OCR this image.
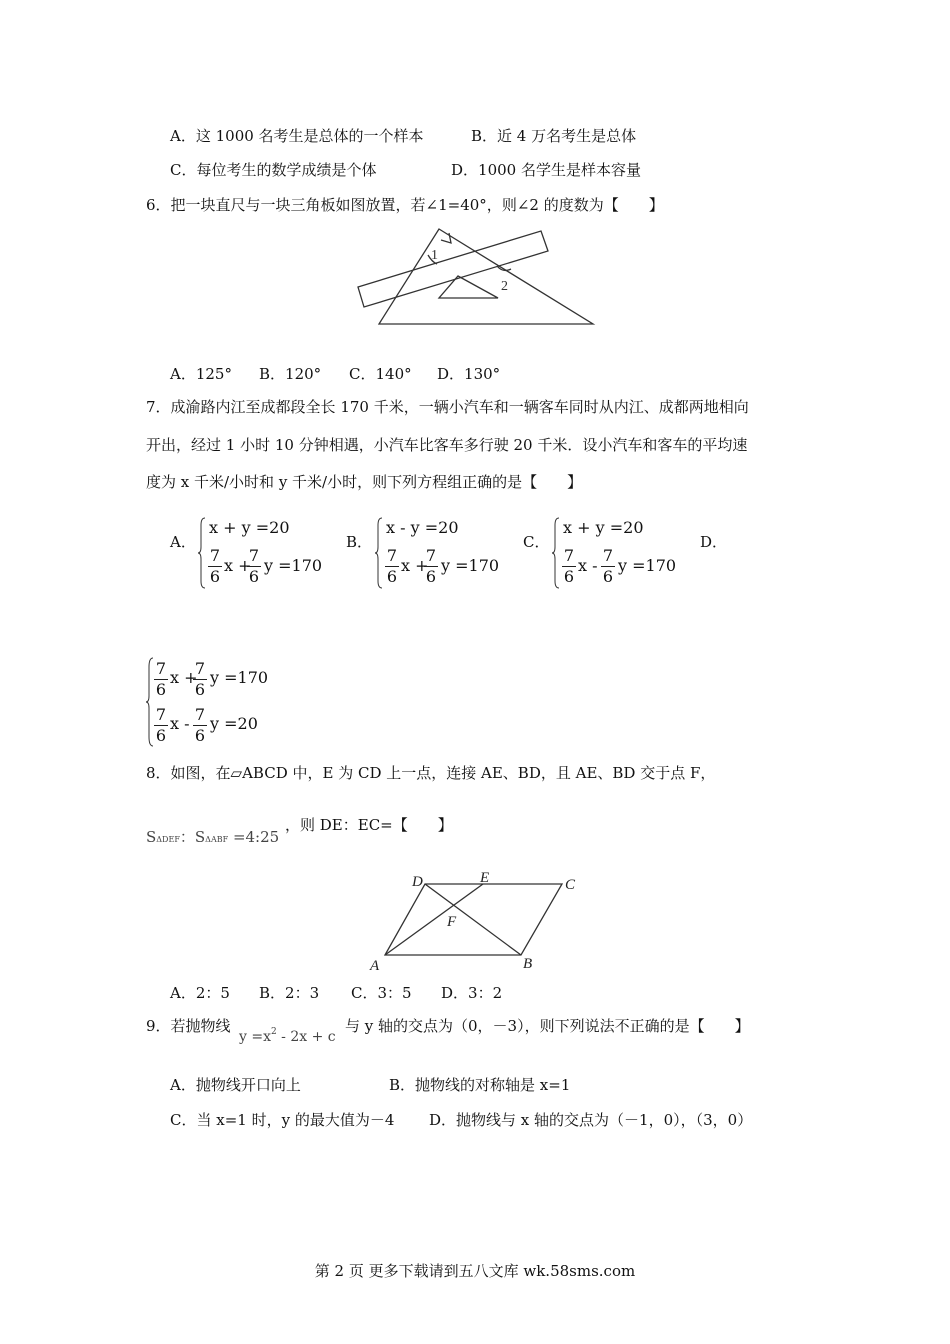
A．这 1000 名考生是总体的一个样本	B．近 4 万名考生是总体
C．每位考生的数学成绩是个体	D．1000 名学生是样本容量
6．把一块直尺与一块三角板如图放置，若∠1=40°，则∠2 的度数为【　　】
1
2
A．125° B．120° C．140° D．130°
7．成渝路内江至成都段全长 170 千米，一辆小汽车和一辆客车同时从内江、成都两地相向
开出，经过 1 小时 10 分钟相遇，小汽车比客车多行驶 20 千米．设小汽车和客车的平均速
度为 x 千米/小时和 y 千米/小时，则下列方程组正确的是【　　】
A．
x + y =20
7
6
x +
7
6
y =170
B．
x - y =20
7
6
x +
7
6
y =170
C．
x + y =20
7
6
x -
7
6
y =170
D．
7
6
x +
7
6
y =170
7
6
x - 7
6
y =20
8．如图，在▱ABCD 中，E 为 CD 上一点，连接 AE、BD，且 AE、BD 交于点 F，
SΔDEF：SΔABF =4:25
，则 DE：EC=【　　】
D	E	C
F
A	B
A．2：5 B．2：3 C．3：5 D．3：2
9．若抛物线
$y =x^2 - 2x + c$
与 y 轴的交点为（0，－3），则下列说法不正确的是【　　】
A．抛物线开口向上	B．抛物线的对称轴是 x=1
C．当 x=1 时，y 的最大值为－4 D．抛物线与 x 轴的交点为（－1，0），（3，0）
第 2 页 更多下载请到五八文库 wk.58sms.com
